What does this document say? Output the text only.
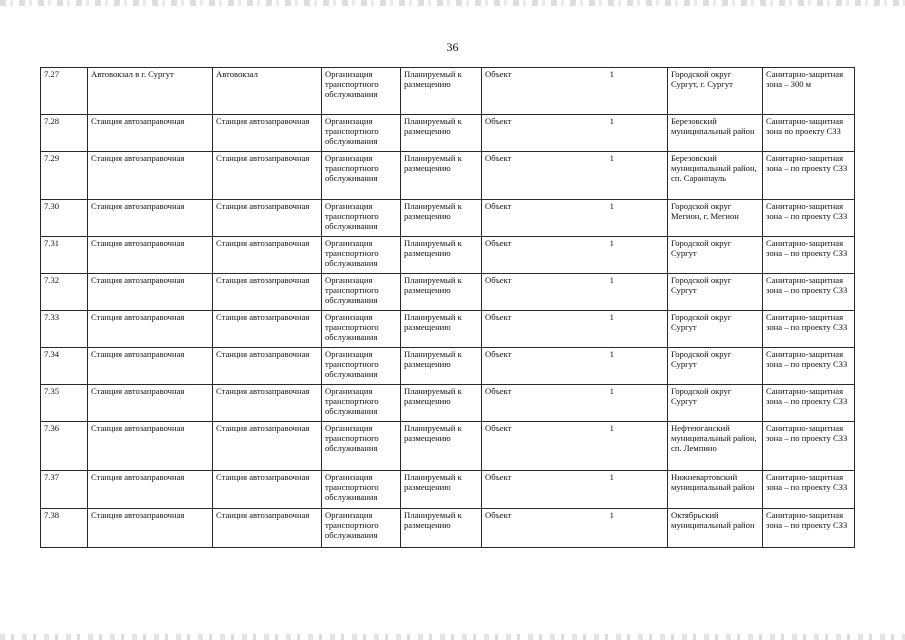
36
7.27	Автовокзал в г. Сургут	Автовокзал	Организация транспортного обслуживания	Планируемый к размещению	Объект 1	Городской округ Сургут, г. Сургут	Санитарно-защитная зона – 300 м
7.28	Станция автозаправочная	Станция автозаправочная	Организация транспортного обслуживания	Планируемый к размещению	Объект 1	Березовский муниципальный район	Санитарно-защитная зона по проекту СЗЗ
7.29	Станция автозаправочная	Станция автозаправочная	Организация транспортного обслуживания	Планируемый к размещению	Объект 1	Березовский муниципальный район, сп. Саранпауль	Санитарно-защитная зона – по проекту СЗЗ
7.30	Станция автозаправочная	Станция автозаправочная	Организация транспортного обслуживания	Планируемый к размещению	Объект 1	Городской округ Мегион, г. Мегион	Санитарно-защитная зона – по проекту СЗЗ
7.31	Станция автозаправочная	Станция автозаправочная	Организация транспортного обслуживания	Планируемый к размещению	Объект 1	Городской округ Сургут	Санитарно-защитная зона – по проекту СЗЗ
7.32	Станция автозаправочная	Станция автозаправочная	Организация транспортного обслуживания	Планируемый к размещению	Объект 1	Городской округ Сургут	Санитарно-защитная зона – по проекту СЗЗ
7.33	Станция автозаправочная	Станция автозаправочная	Организация транспортного обслуживания	Планируемый к размещению	Объект 1	Городской округ Сургут	Санитарно-защитная зона – по проекту СЗЗ
7.34	Станция автозаправочная	Станция автозаправочная	Организация транспортного обслуживания	Планируемый к размещению	Объект 1	Городской округ Сургут	Санитарно-защитная зона – по проекту СЗЗ
7.35	Станция автозаправочная	Станция автозаправочная	Организация транспортного обслуживания	Планируемый к размещению	Объект 1	Городской округ Сургут	Санитарно-защитная зона – по проекту СЗЗ
7.36	Станция автозаправочная	Станция автозаправочная	Организация транспортного обслуживания	Планируемый к размещению	Объект 1	Нефтеюганский муниципальный район, сп. Лемпино	Санитарно-защитная зона – по проекту СЗЗ
7.37	Станция автозаправочная	Станция автозаправочная	Организация транспортного обслуживания	Планируемый к размещению	Объект 1	Нижневартовский муниципальный район	Санитарно-защитная зона – по проекту СЗЗ
7.38	Станция автозаправочная	Станция автозаправочная	Организация транспортного обслуживания	Планируемый к размещению	Объект 1	Октябрьский муниципальный район	Санитарно-защитная зона – по проекту СЗЗ
